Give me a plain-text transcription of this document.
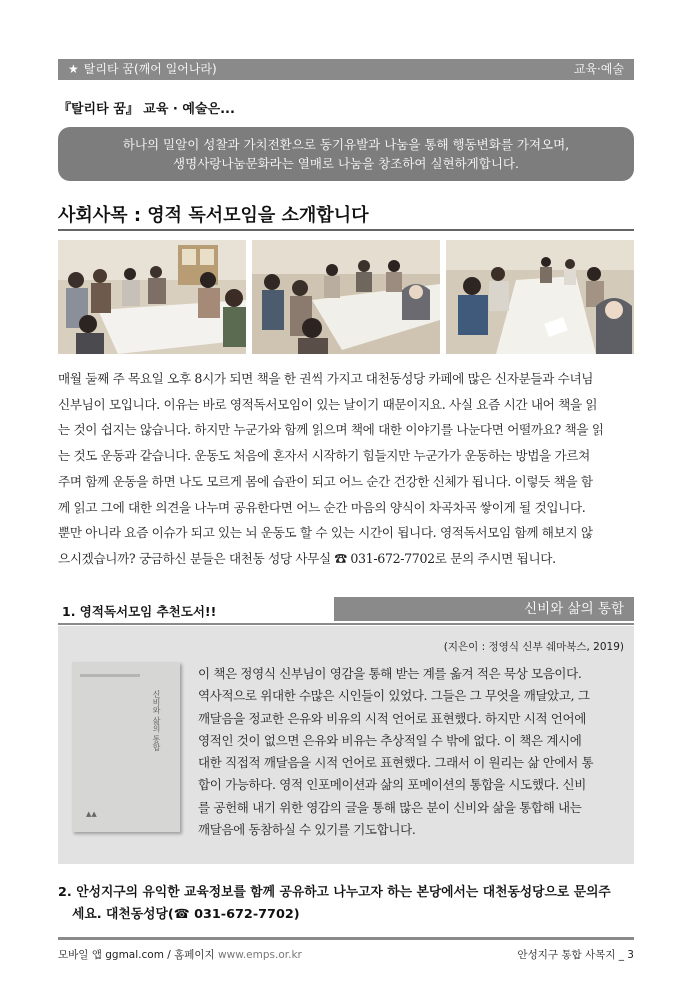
★ 탈리타 꿈(깨어 일어나라)	교육·예술
『탈리타 꿈』 교육 · 예술은...
하나의 밀알이 성찰과 가치전환으로 동기유발과 나눔을 통해 행동변화를 가져오며,
생명사랑나눔문화라는 열매로 나눔을 창조하여 실현하게합니다.
사회사목 : 영적 독서모임을 소개합니다
매월 둘째 주 목요일 오후 8시가 되면 책을 한 권씩 가지고 대천동성당 카페에 많은 신자분들과 수녀님
신부님이 모입니다. 이유는 바로 영적독서모임이 있는 날이기 때문이지요. 사실 요즘 시간 내어 책을 읽
는 것이 쉽지는 않습니다. 하지만 누군가와 함께 읽으며 책에 대한 이야기를 나눈다면 어떨까요? 책을 읽
는 것도 운동과 같습니다. 운동도 처음에 혼자서 시작하기 힘들지만 누군가가 운동하는 방법을 가르쳐
주며 함께 운동을 하면 나도 모르게 몸에 습관이 되고 어느 순간 건강한 신체가 됩니다. 이렇듯 책을 함
께 읽고 그에 대한 의견을 나누며 공유한다면 어느 순간 마음의 양식이 차곡차곡 쌓이게 될 것입니다.
뿐만 아니라 요즘 이슈가 되고 있는 뇌 운동도 할 수 있는 시간이 됩니다. 영적독서모임 함께 해보지 않
으시겠습니까? 궁금하신 분들은 대천동 성당 사무실 ☎ 031-672-7702로 문의 주시면 됩니다.
1. 영적독서모임 추천도서!!	신비와 삶의 통합
(지은이 : 정영식 신부 쉐마북스, 2019)
신비와 삶의 통합
▲▲
이 책은 정영식 신부님이 영감을 통해 받는 계를 옮겨 적은 묵상 모음이다.
역사적으로 위대한 수많은 시인들이 있었다. 그들은 그 무엇을 깨달았고, 그
깨달음을 정교한 은유와 비유의 시적 언어로 표현했다. 하지만 시적 언어에
영적인 것이 없으면 은유와 비유는 추상적일 수 밖에 없다. 이 책은 계시에
대한 직접적 깨달음을 시적 언어로 표현했다. 그래서 이 원리는 삶 안에서 통
합이 가능하다. 영적 인포메이션과 삶의 포메이션의 통합을 시도했다. 신비
를 공헌해 내기 위한 영감의 글을 통해 많은 분이 신비와 삶을 통합해 내는
깨달음에 동참하실 수 있기를 기도합니다.
2. 안성지구의 유익한 교육정보를 함께 공유하고 나누고자 하는 본당에서는 대천동성당으로 문의주
세요. 대천동성당(☎ 031-672-7702)
모바일 앱 ggmal.com / 홈페이지 www.emps.or.kr	안성지구 통합 사목지 _ 3
